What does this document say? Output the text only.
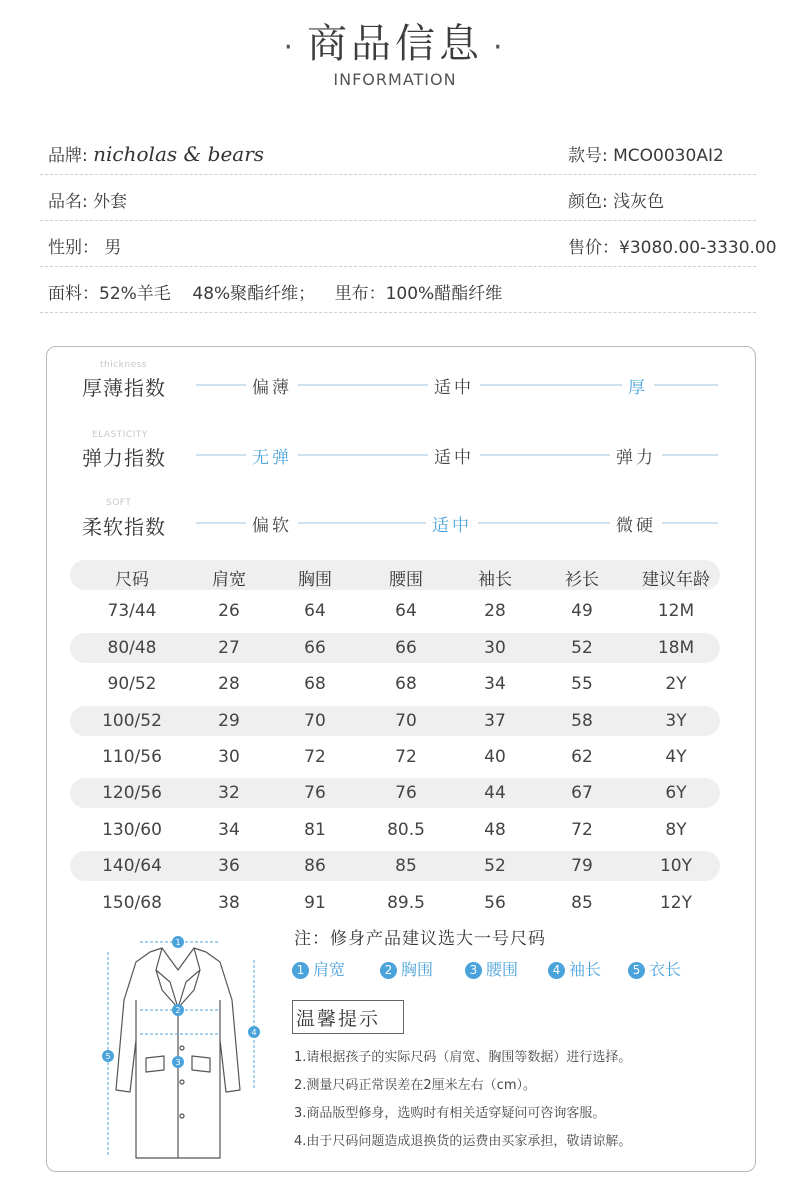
· 商品信息 ·
INFORMATION
品牌: nicholas & bears	款号: MCO0030AI2
品名: 外套	颜色: 浅灰色
性别： 男	售价：¥3080.00-3330.00
面料：52%羊毛    48%聚酯纤维； 里布：100%醋酯纤维
thickness
厚薄指数	偏薄	适中	厚
ELASTICITY
弹力指数	无弹	适中	弹力
SOFT
柔软指数	偏软	适中	微硬
尺码	肩宽	胸围	腰围	袖长	衫长	建议年龄
73/44	26	64	64	28	49	12M
80/48	27	66	66	30	52	18M
90/52	28	68	68	34	55	2Y
100/52	29	70	70	37	58	3Y
110/56	30	72	72	40	62	4Y
120/56	32	76	76	44	67	6Y
130/60	34	81	80.5	48	72	8Y
140/64	36	86	85	52	79	10Y
150/68	38	91	89.5	56	85	12Y
1
2
3
4
5
注：修身产品建议选大一号尺码
1 肩宽	2 胸围	3 腰围	4 袖长	5 衣长
温馨提示
1.请根据孩子的实际尺码（肩宽、胸围等数据）进行选择。
2.测量尺码正常误差在2厘米左右（cm）。
3.商品版型修身，选购时有相关适穿疑问可咨询客服。
4.由于尺码问题造成退换货的运费由买家承担，敬请谅解。
